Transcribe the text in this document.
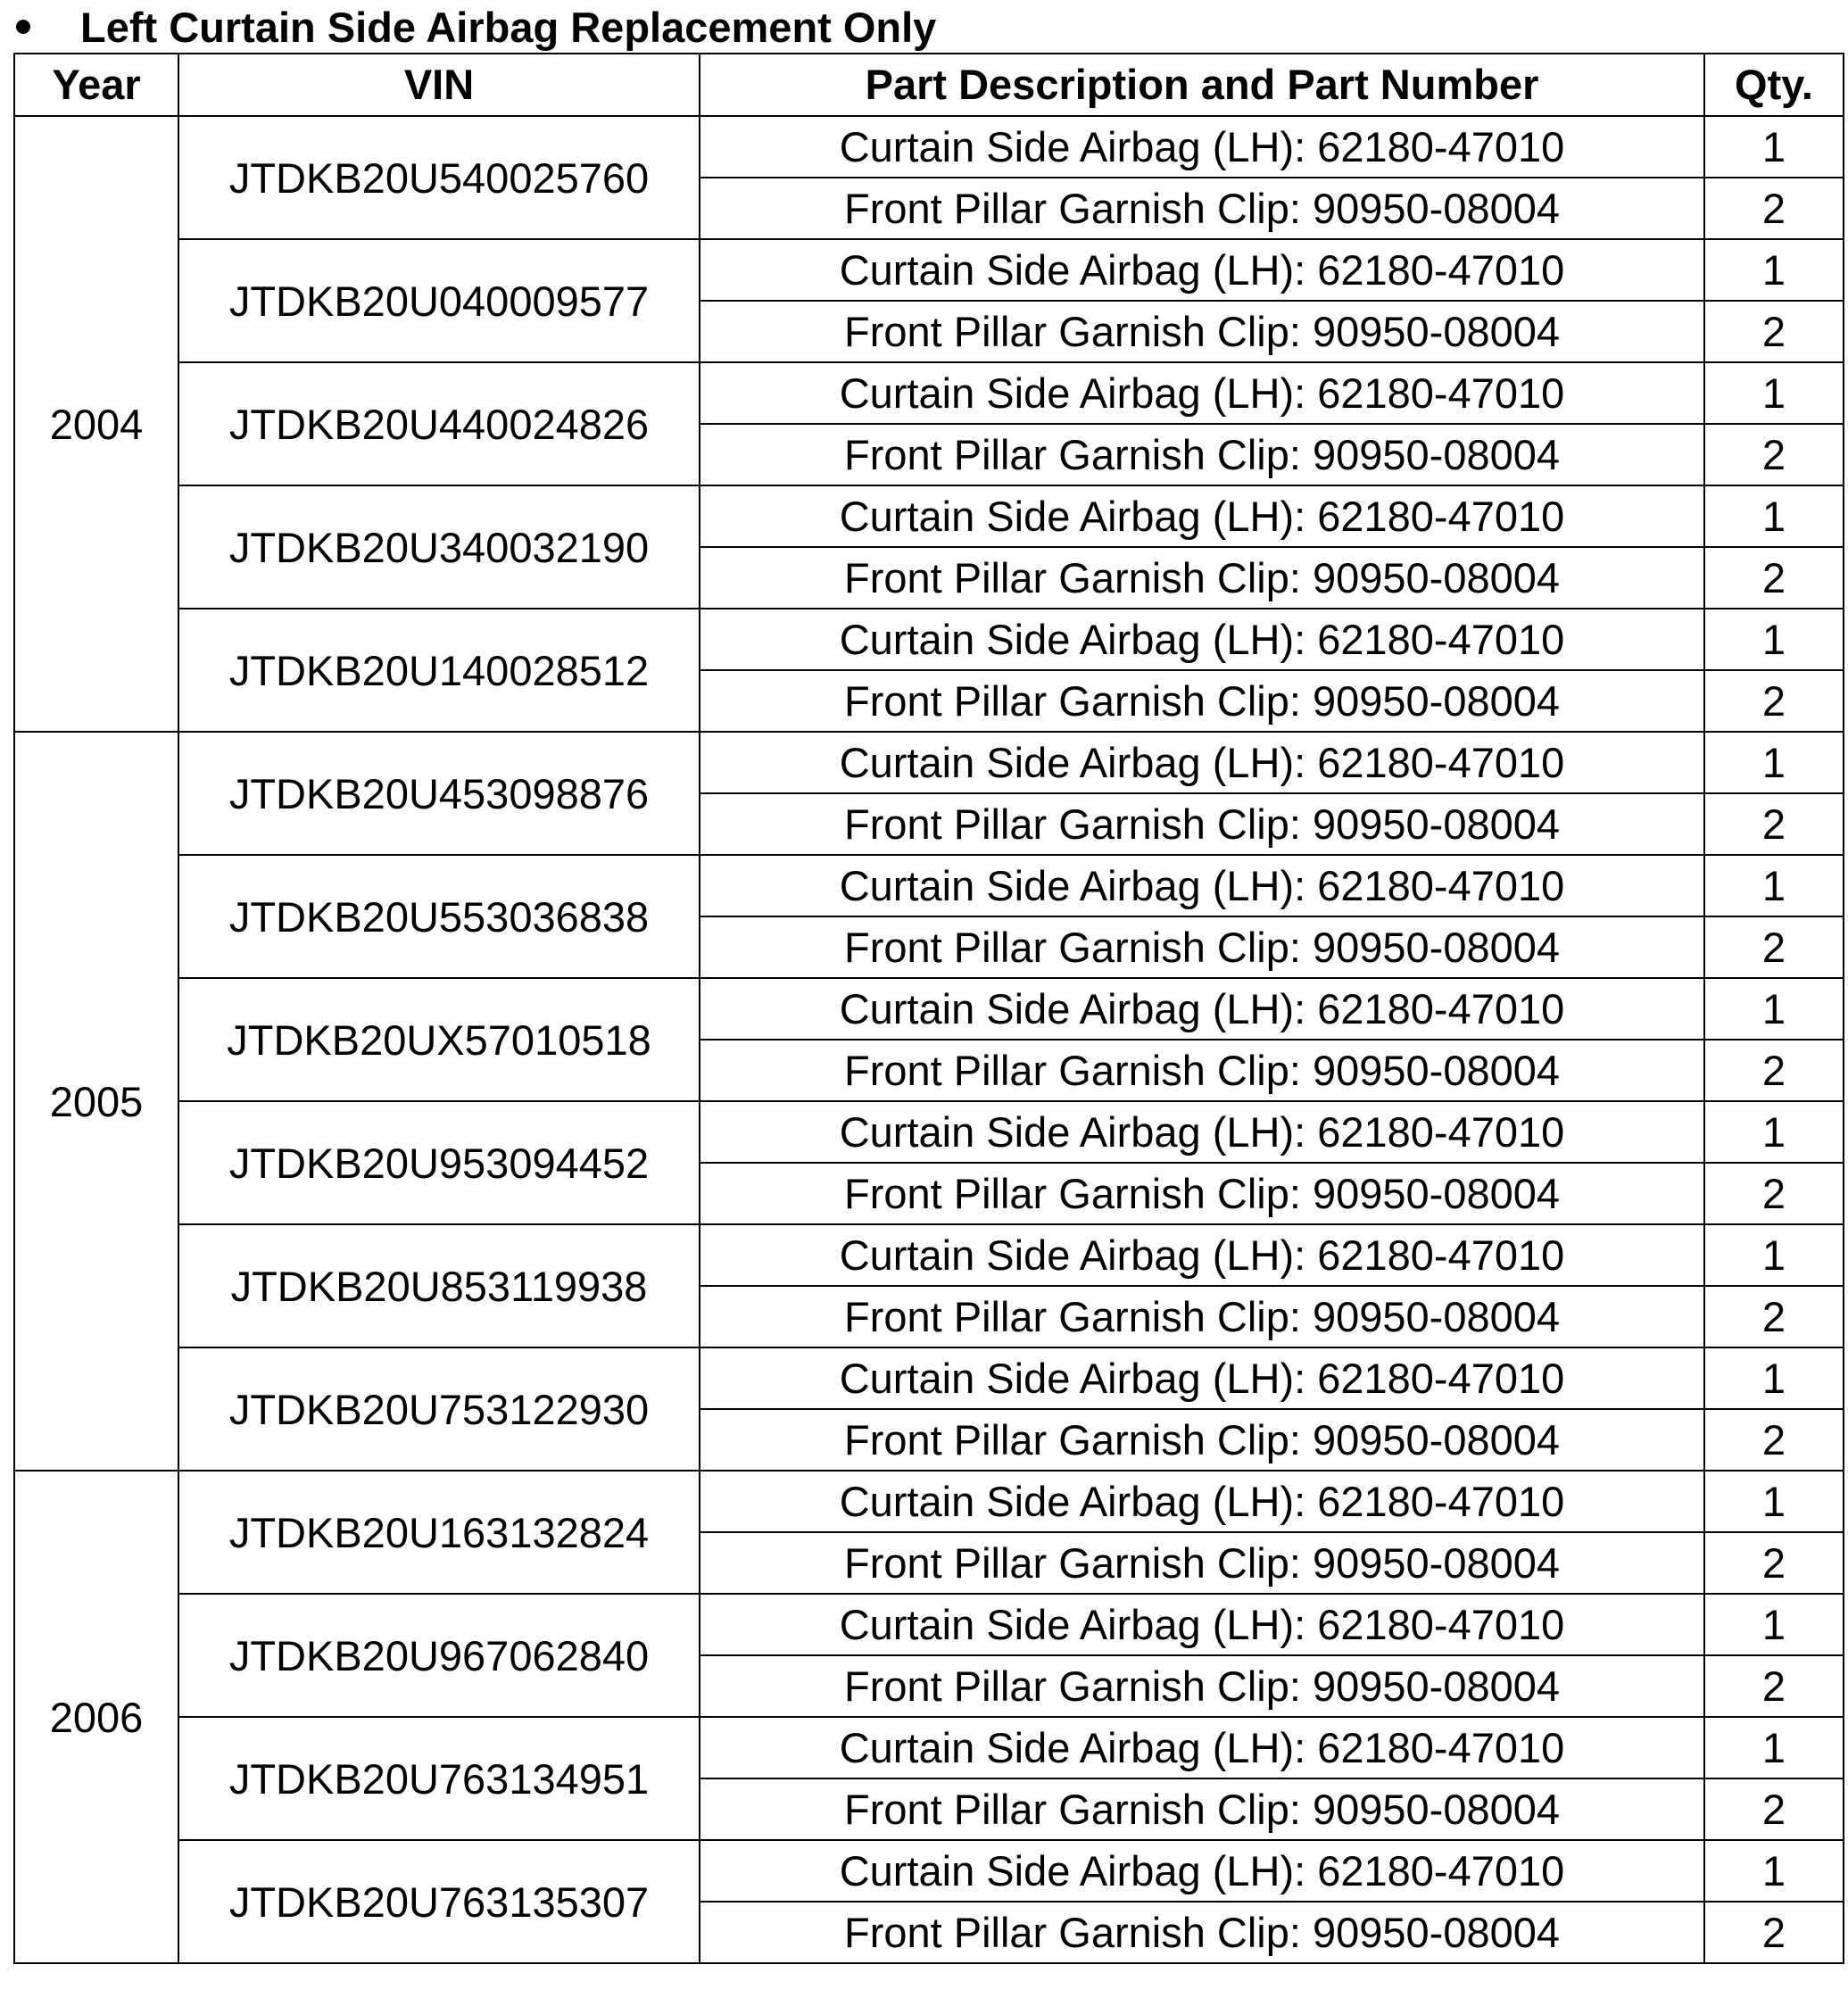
Left Curtain Side Airbag Replacement Only
Year	VIN	Part Description and Part Number	Qty.
2004	JTDKB20U540025760	Curtain Side Airbag (LH): 62180-47010	1
		Front Pillar Garnish Clip: 90950-08004	2
	JTDKB20U040009577	Curtain Side Airbag (LH): 62180-47010	1
		Front Pillar Garnish Clip: 90950-08004	2
	JTDKB20U440024826	Curtain Side Airbag (LH): 62180-47010	1
		Front Pillar Garnish Clip: 90950-08004	2
	JTDKB20U340032190	Curtain Side Airbag (LH): 62180-47010	1
		Front Pillar Garnish Clip: 90950-08004	2
	JTDKB20U140028512	Curtain Side Airbag (LH): 62180-47010	1
		Front Pillar Garnish Clip: 90950-08004	2
2005	JTDKB20U453098876	Curtain Side Airbag (LH): 62180-47010	1
		Front Pillar Garnish Clip: 90950-08004	2
	JTDKB20U553036838	Curtain Side Airbag (LH): 62180-47010	1
		Front Pillar Garnish Clip: 90950-08004	2
	JTDKB20UX57010518	Curtain Side Airbag (LH): 62180-47010	1
		Front Pillar Garnish Clip: 90950-08004	2
	JTDKB20U953094452	Curtain Side Airbag (LH): 62180-47010	1
		Front Pillar Garnish Clip: 90950-08004	2
	JTDKB20U853119938	Curtain Side Airbag (LH): 62180-47010	1
		Front Pillar Garnish Clip: 90950-08004	2
	JTDKB20U753122930	Curtain Side Airbag (LH): 62180-47010	1
		Front Pillar Garnish Clip: 90950-08004	2
2006	JTDKB20U163132824	Curtain Side Airbag (LH): 62180-47010	1
		Front Pillar Garnish Clip: 90950-08004	2
	JTDKB20U967062840	Curtain Side Airbag (LH): 62180-47010	1
		Front Pillar Garnish Clip: 90950-08004	2
	JTDKB20U763134951	Curtain Side Airbag (LH): 62180-47010	1
		Front Pillar Garnish Clip: 90950-08004	2
	JTDKB20U763135307	Curtain Side Airbag (LH): 62180-47010	1
		Front Pillar Garnish Clip: 90950-08004	2
